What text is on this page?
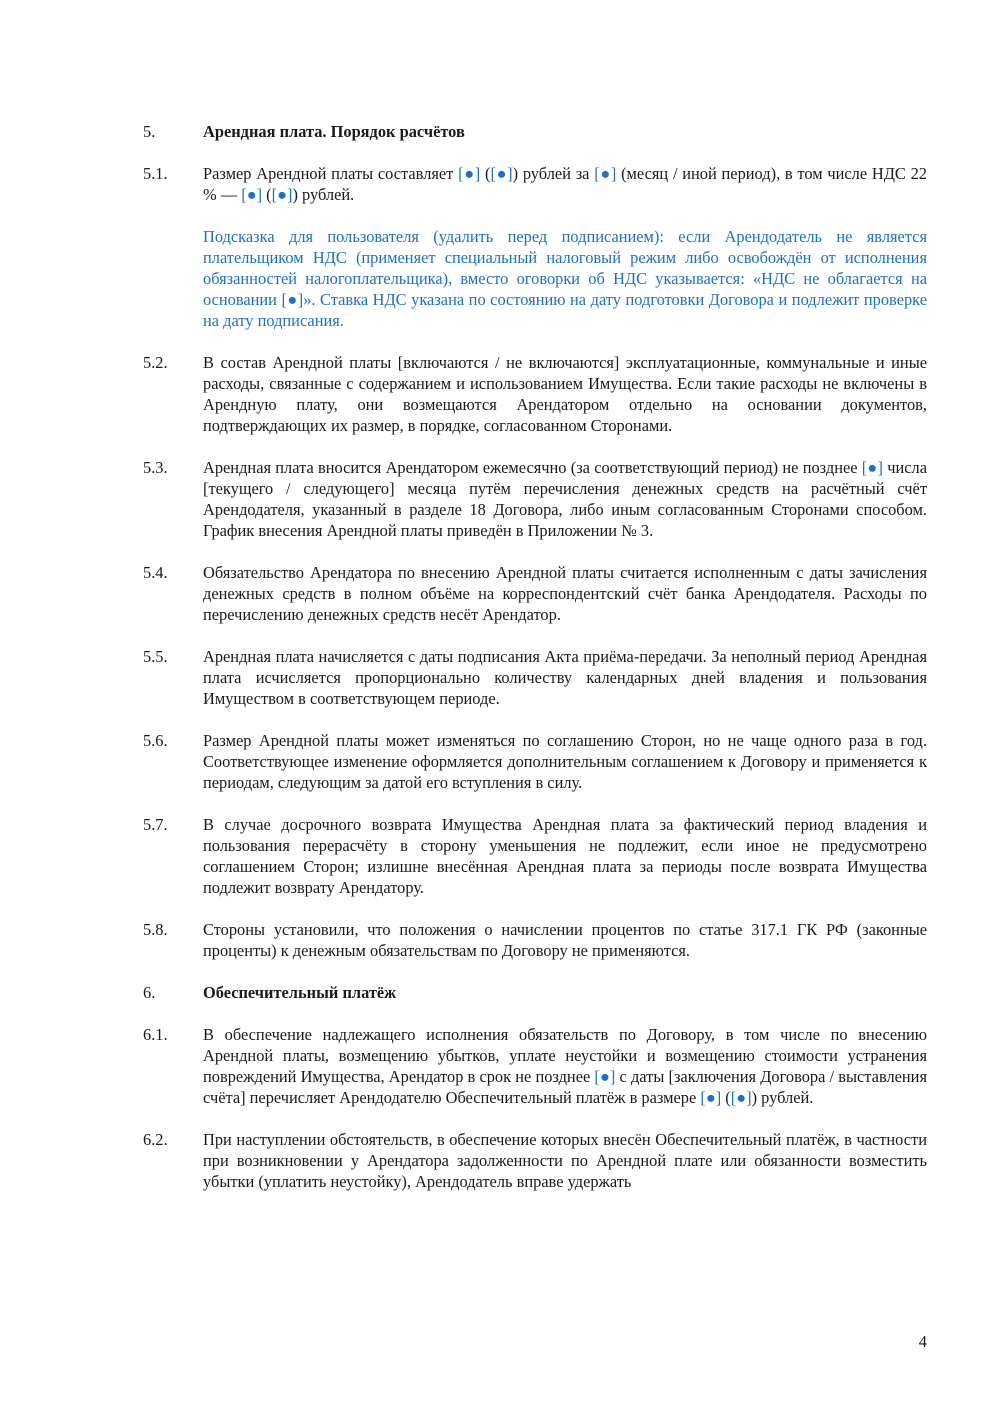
5.	Арендная плата. Порядок расчётов
5.1.	Размер Арендной платы составляет [●] ([●]) рублей за [●] (месяц / иной период), в том числе НДС 22 % — [●] ([●]) рублей.
Подсказка для пользователя (удалить перед подписанием): если Арендодатель не является плательщиком НДС (применяет специальный налоговый режим либо освобождён от исполнения обязанностей налогоплательщика), вместо оговорки об НДС указывается: «НДС не облагается на основании [●]». Ставка НДС указана по состоянию на дату подготовки Договора и подлежит проверке на дату подписания.
5.2.	В состав Арендной платы [включаются / не включаются] эксплуатационные, коммунальные и иные расходы, связанные с содержанием и использованием Имущества. Если такие расходы не включены в Арендную плату, они возмещаются Арендатором отдельно на основании документов, подтверждающих их размер, в порядке, согласованном Сторонами.
5.3.	Арендная плата вносится Арендатором ежемесячно (за соответствующий период) не позднее [●] числа [текущего / следующего] месяца путём перечисления денежных средств на расчётный счёт Арендодателя, указанный в разделе 18 Договора, либо иным согласованным Сторонами способом. График внесения Арендной платы приведён в Приложении № 3.
5.4.	Обязательство Арендатора по внесению Арендной платы считается исполненным с даты зачисления денежных средств в полном объёме на корреспондентский счёт банка Арендодателя. Расходы по перечислению денежных средств несёт Арендатор.
5.5.	Арендная плата начисляется с даты подписания Акта приёма-передачи. За неполный период Арендная плата исчисляется пропорционально количеству календарных дней владения и пользования Имуществом в соответствующем периоде.
5.6.	Размер Арендной платы может изменяться по соглашению Сторон, но не чаще одного раза в год. Соответствующее изменение оформляется дополнительным соглашением к Договору и применяется к периодам, следующим за датой его вступления в силу.
5.7.	В случае досрочного возврата Имущества Арендная плата за фактический период владения и пользования перерасчёту в сторону уменьшения не подлежит, если иное не предусмотрено соглашением Сторон; излишне внесённая Арендная плата за периоды после возврата Имущества подлежит возврату Арендатору.
5.8.	Стороны установили, что положения о начислении процентов по статье 317.1 ГК РФ (законные проценты) к денежным обязательствам по Договору не применяются.
6.	Обеспечительный платёж
6.1.	В обеспечение надлежащего исполнения обязательств по Договору, в том числе по внесению Арендной платы, возмещению убытков, уплате неустойки и возмещению стоимости устранения повреждений Имущества, Арендатор в срок не позднее [●] с даты [заключения Договора / выставления счёта] перечисляет Арендодателю Обеспечительный платёж в размере [●] ([●]) рублей.
6.2.	При наступлении обстоятельств, в обеспечение которых внесён Обеспечительный платёж, в частности при возникновении у Арендатора задолженности по Арендной плате или обязанности возместить убытки (уплатить неустойку), Арендодатель вправе удержать
4
